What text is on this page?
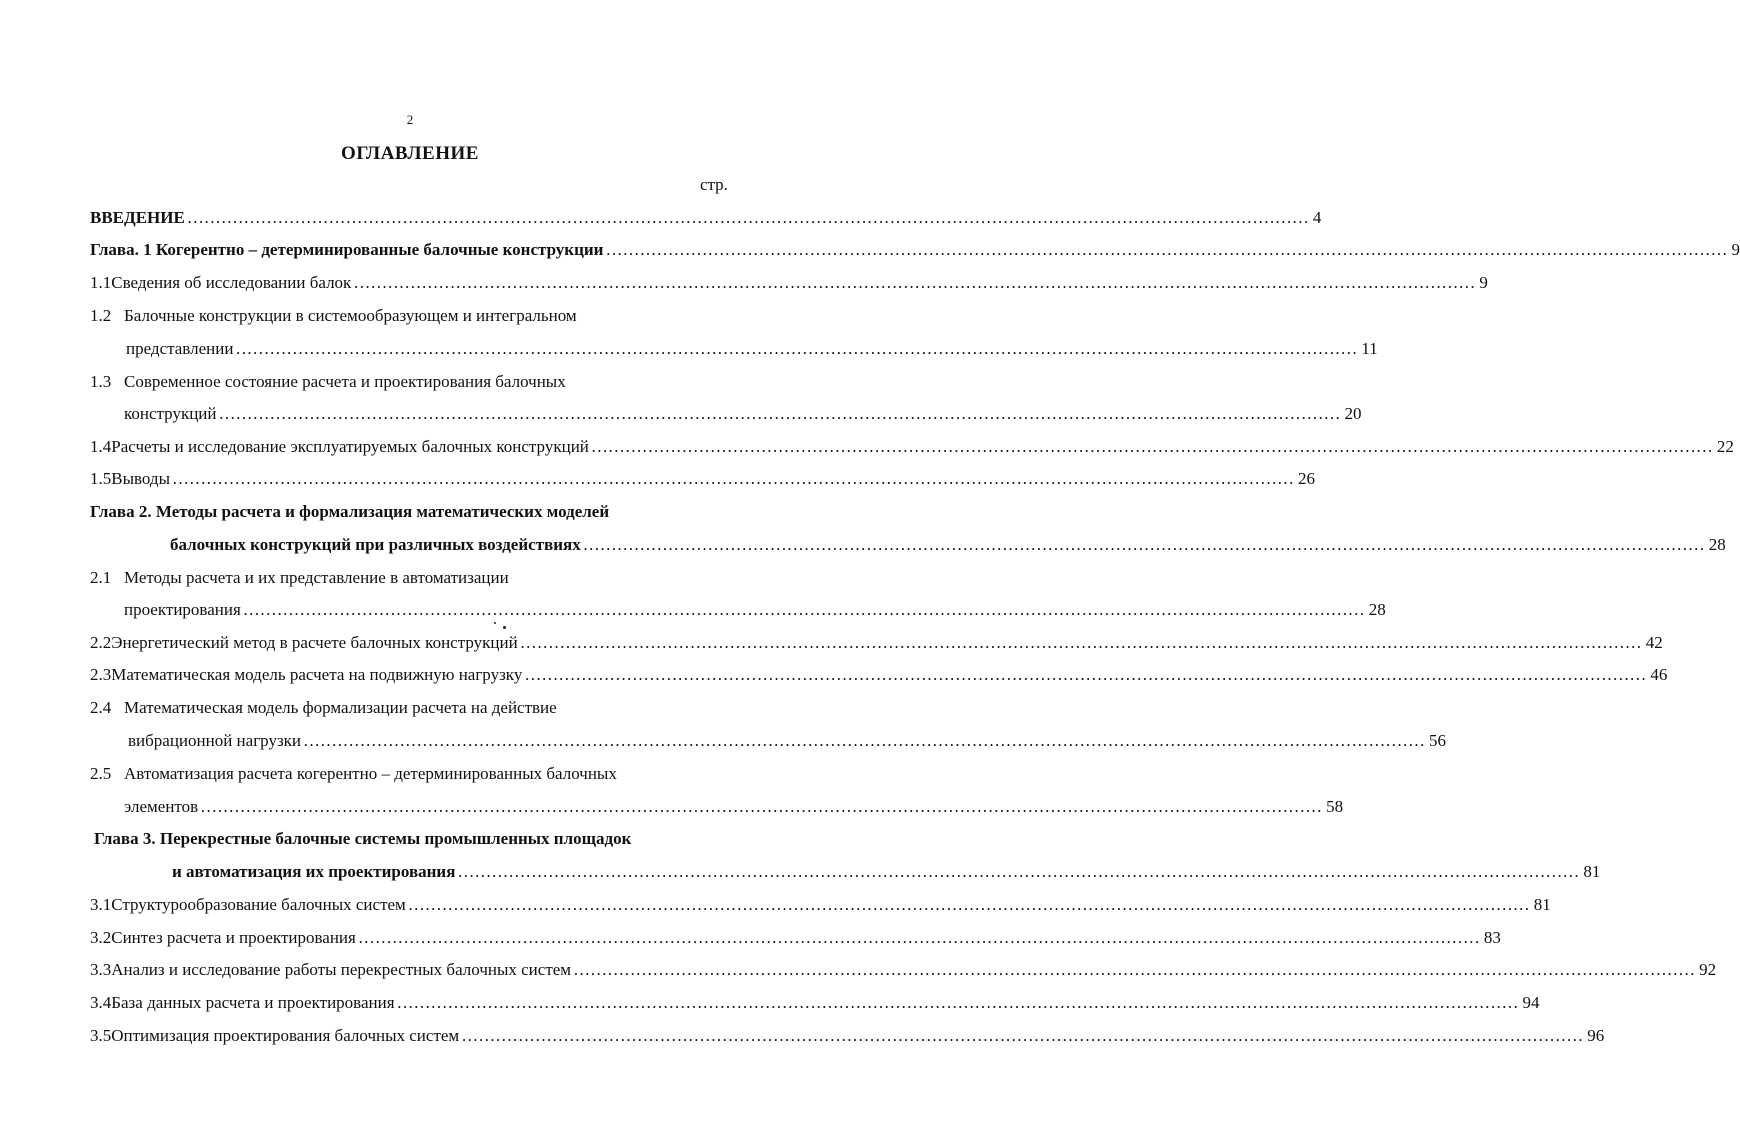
2
ОГЛАВЛЕНИЕ
стр.
ВВЕДЕНИЕ ………………………………………………………………………………………………………………………………………………………………………………	4
Глава. 1 Когерентно – детерминированные балочные конструкции ………………………………………………………………………………………………………………………………………………………………………………	9
1.1 Сведения об исследовании балок ………………………………………………………………………………………………………………………………………………………………………………	9
1.2 Балочные конструкции в системообразующем и интегральном
представлении ………………………………………………………………………………………………………………………………………………………………………………	11
1.3 Современное состояние расчета и проектирования балочных
конструкций ………………………………………………………………………………………………………………………………………………………………………………	20
1.4 Расчеты и исследование эксплуатируемых балочных конструкций ………………………………………………………………………………………………………………………………………………………………………………	22
1.5 Выводы ………………………………………………………………………………………………………………………………………………………………………………	26
Глава 2. Методы расчета и формализация математических моделей
балочных конструкций при различных воздействиях ………………………………………………………………………………………………………………………………………………………………………………	28
2.1 Методы расчета и их представление в автоматизации
проектирования ………………………………………………………………………………………………………………………………………………………………………………	28
2.2 Энергетический метод в расчете балочных конструкций ………………………………………………………………………………………………………………………………………………………………………………	42
2.3 Математическая модель расчета на подвижную нагрузку ………………………………………………………………………………………………………………………………………………………………………………	46
2.4 Математическая модель формализации расчета на действие
вибрационной нагрузки ………………………………………………………………………………………………………………………………………………………………………………	56
2.5 Автоматизация расчета когерентно – детерминированных балочных
элементов ………………………………………………………………………………………………………………………………………………………………………………	58
Глава 3. Перекрестные балочные системы промышленных площадок
и автоматизация их проектирования ………………………………………………………………………………………………………………………………………………………………………………	81
3.1 Структурообразование балочных систем ………………………………………………………………………………………………………………………………………………………………………………	81
3.2 Синтез расчета и проектирования ………………………………………………………………………………………………………………………………………………………………………………	83
3.3 Анализ и исследование работы перекрестных балочных систем ………………………………………………………………………………………………………………………………………………………………………………	92
3.4 База данных расчета и проектирования ………………………………………………………………………………………………………………………………………………………………………………	94
3.5 Оптимизация проектирования балочных систем ………………………………………………………………………………………………………………………………………………………………………………	96
